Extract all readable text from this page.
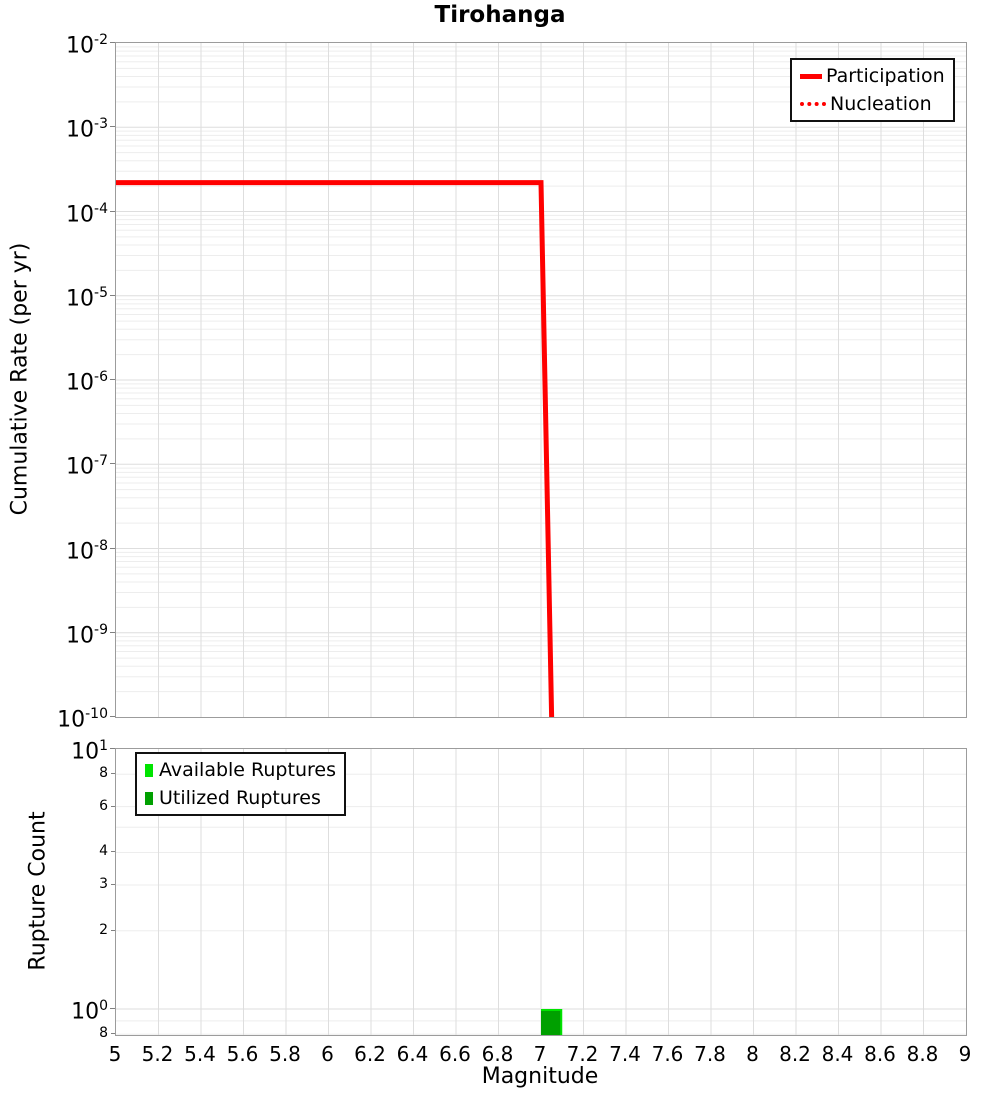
Tirohanga
Cumulative Rate (per yr)
Rupture Count
Participation
Nucleation
Available Ruptures
Utilized Ruptures
Magnitude
$10^{-2}$
$10^{-3}$
$10^{-4}$
$10^{-5}$
$10^{-6}$
$10^{-7}$
$10^{-8}$
$10^{-9}$
$10^{-10}$
$10^1$
$10^0$
8
6
4
3
2
8
5	5.2 5.4 5.6 5.8	6	6.2 6.4 6.6 6.8	7	7.2 7.4 7.6 7.8	8	8.2 8.4 8.6 8.8	9
